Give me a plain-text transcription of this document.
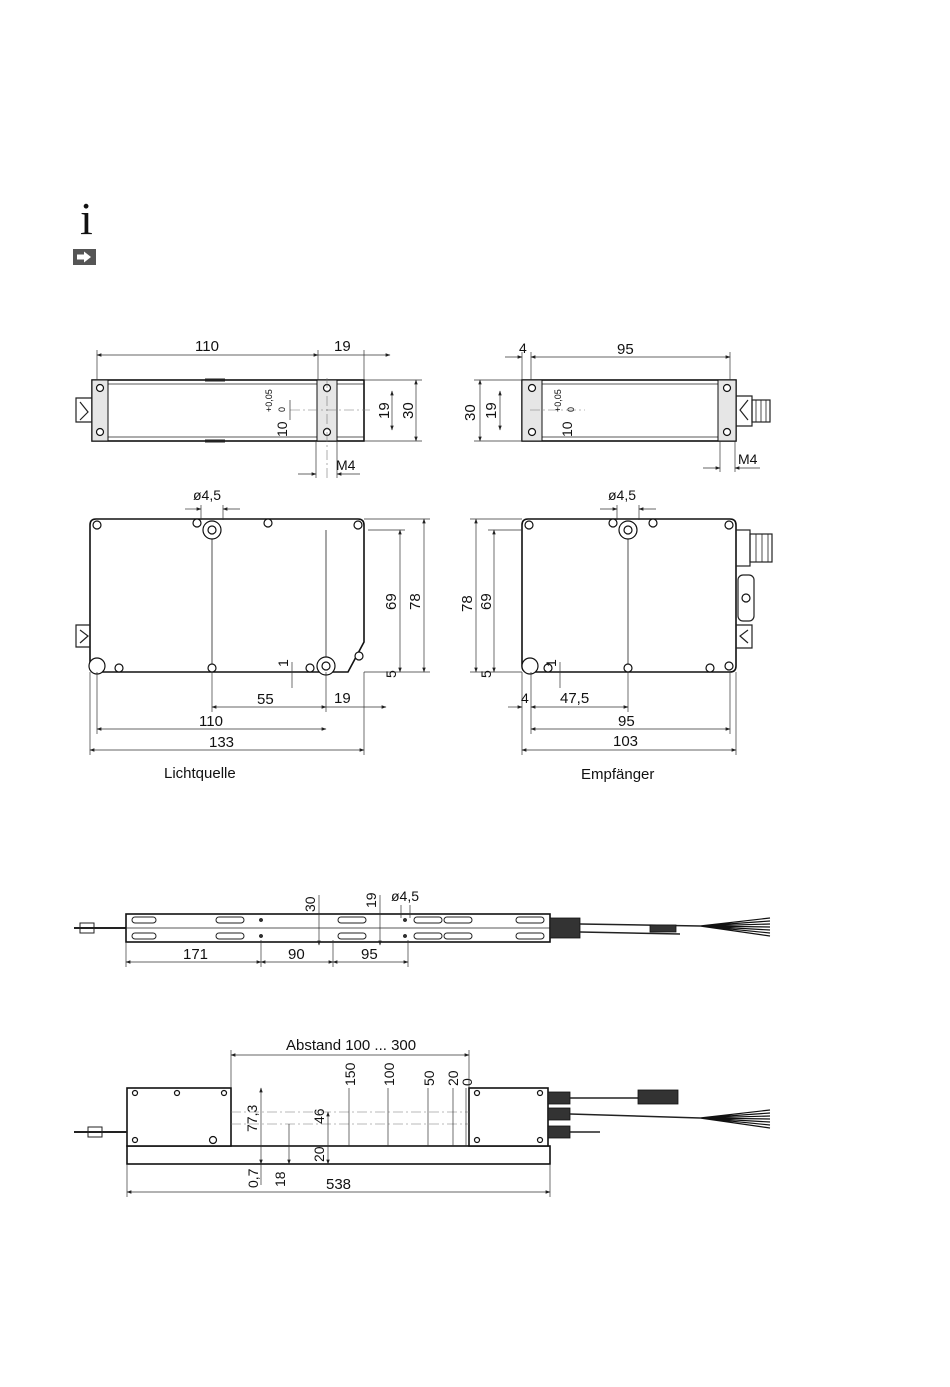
i
110	19
30
19
10
+0,05 0
M4
4	95
30 19
10
+0,05 0
M4
ø4,5
69 78
5
1
55	19
110
133
Lichtquelle
ø4,5
78 69
5
1
4 47,5
95
103
Empfänger
171	90	95
30	19 ø4,5
150 100 50 20
0
Abstand 100 ... 300
77,3	46
20
0,7 18	538
